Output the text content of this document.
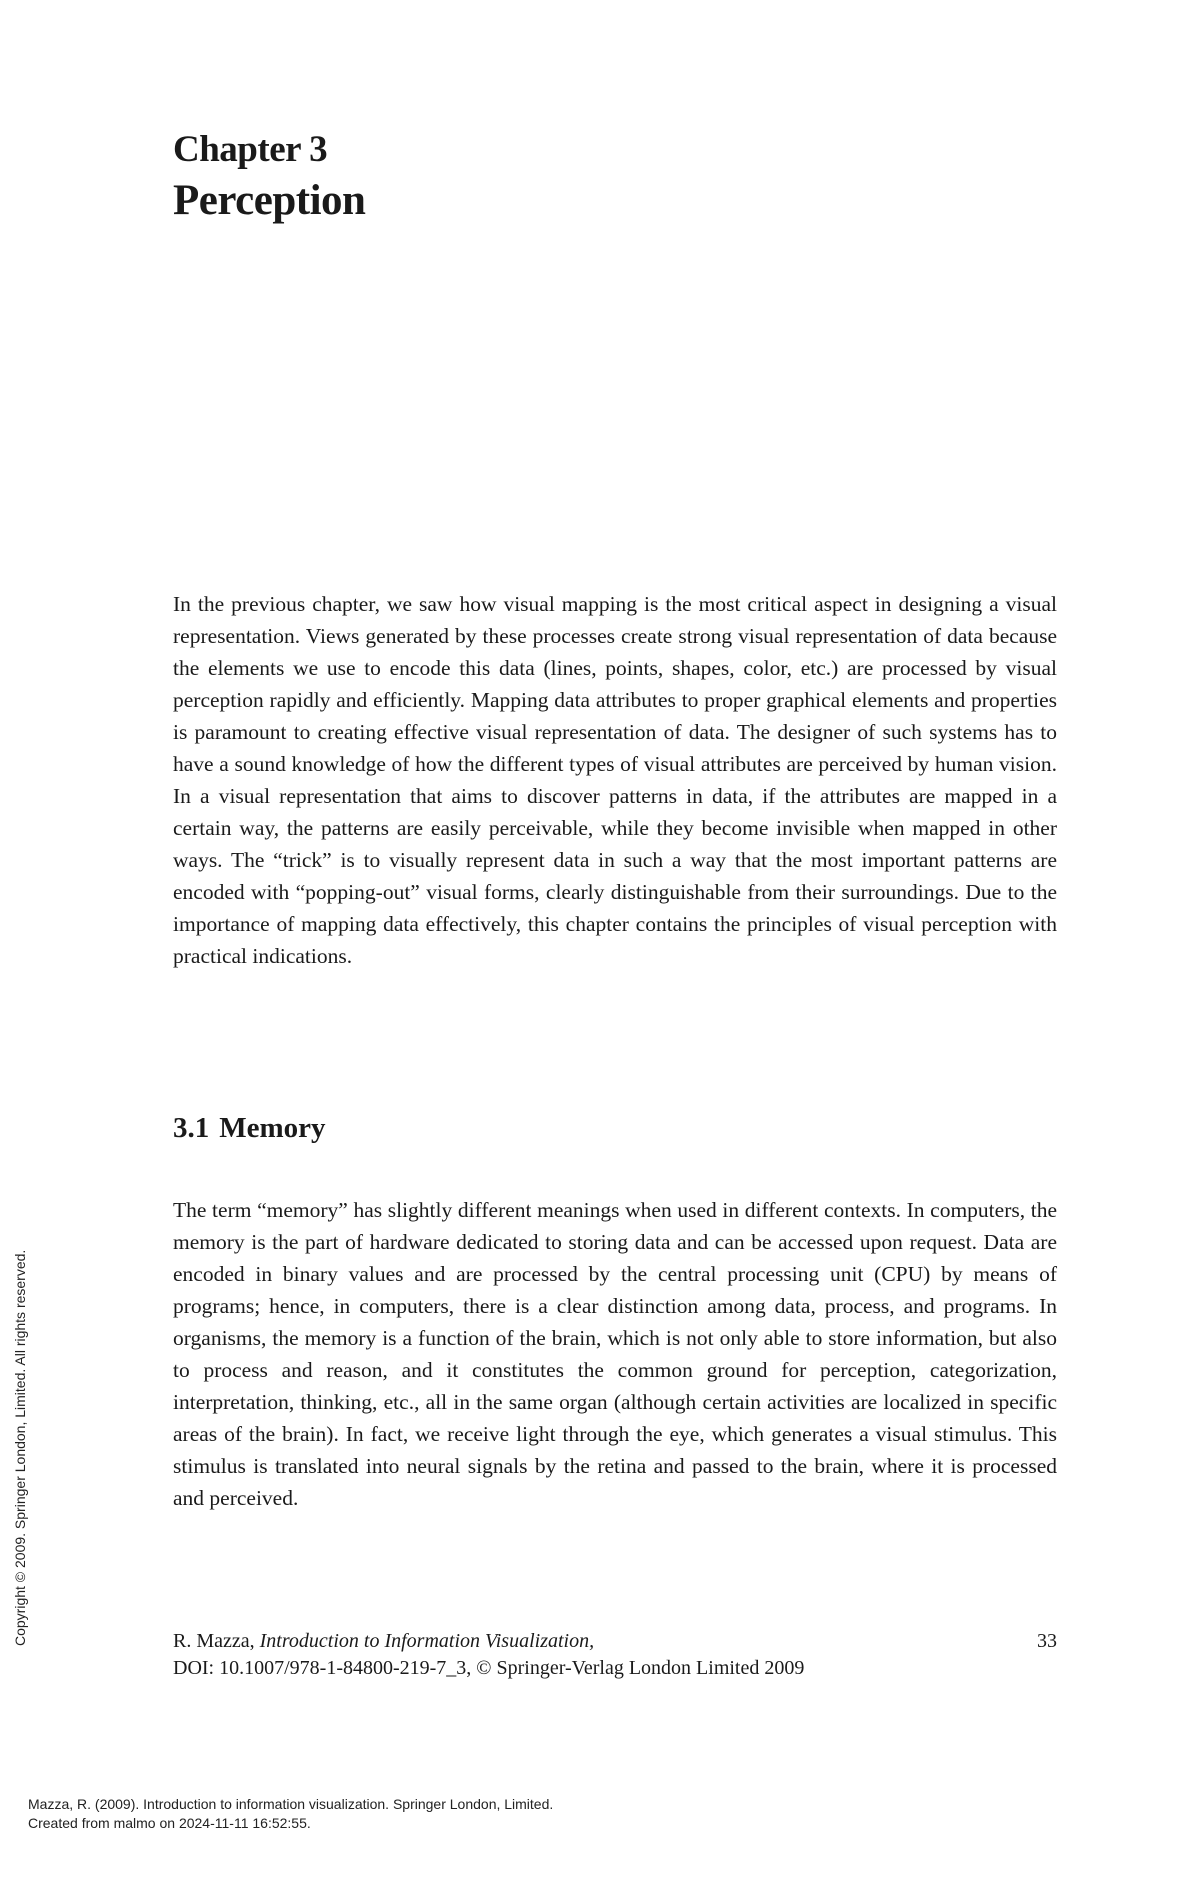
Chapter 3
Perception

In the previous chapter, we saw how visual mapping is the most critical aspect in designing a visual representation. Views generated by these processes create strong visual representation of data because the elements we use to encode this data (lines, points, shapes, color, etc.) are processed by visual perception rapidly and efficiently. Mapping data attributes to proper graphical elements and properties is paramount to creating effective visual representation of data. The designer of such systems has to have a sound knowledge of how the different types of visual attributes are perceived by human vision. In a visual representation that aims to discover patterns in data, if the attributes are mapped in a certain way, the patterns are easily perceivable, while they become invisible when mapped in other ways. The “trick” is to visually represent data in such a way that the most important patterns are encoded with “popping-out” visual forms, clearly distinguishable from their surroundings. Due to the importance of mapping data effectively, this chapter contains the principles of visual perception with practical indications.

3.1 Memory

The term “memory” has slightly different meanings when used in different contexts. In computers, the memory is the part of hardware dedicated to storing data and can be accessed upon request. Data are encoded in binary values and are processed by the central processing unit (CPU) by means of programs; hence, in computers, there is a clear distinction among data, process, and programs. In organisms, the memory is a function of the brain, which is not only able to store information, but also to process and reason, and it constitutes the common ground for perception, categorization, interpretation, thinking, etc., all in the same organ (although certain activities are localized in specific areas of the brain). In fact, we receive light through the eye, which generates a visual stimulus. This stimulus is translated into neural signals by the retina and passed to the brain, where it is processed and perceived.

R. Mazza, Introduction to Information Visualization,	33
DOI: 10.1007/978-1-84800-219-7_3, © Springer-Verlag London Limited 2009
Copyright © 2009. Springer London, Limited. All rights reserved.
Mazza, R. (2009). Introduction to information visualization. Springer London, Limited.
Created from malmo on 2024-11-11 16:52:55.
